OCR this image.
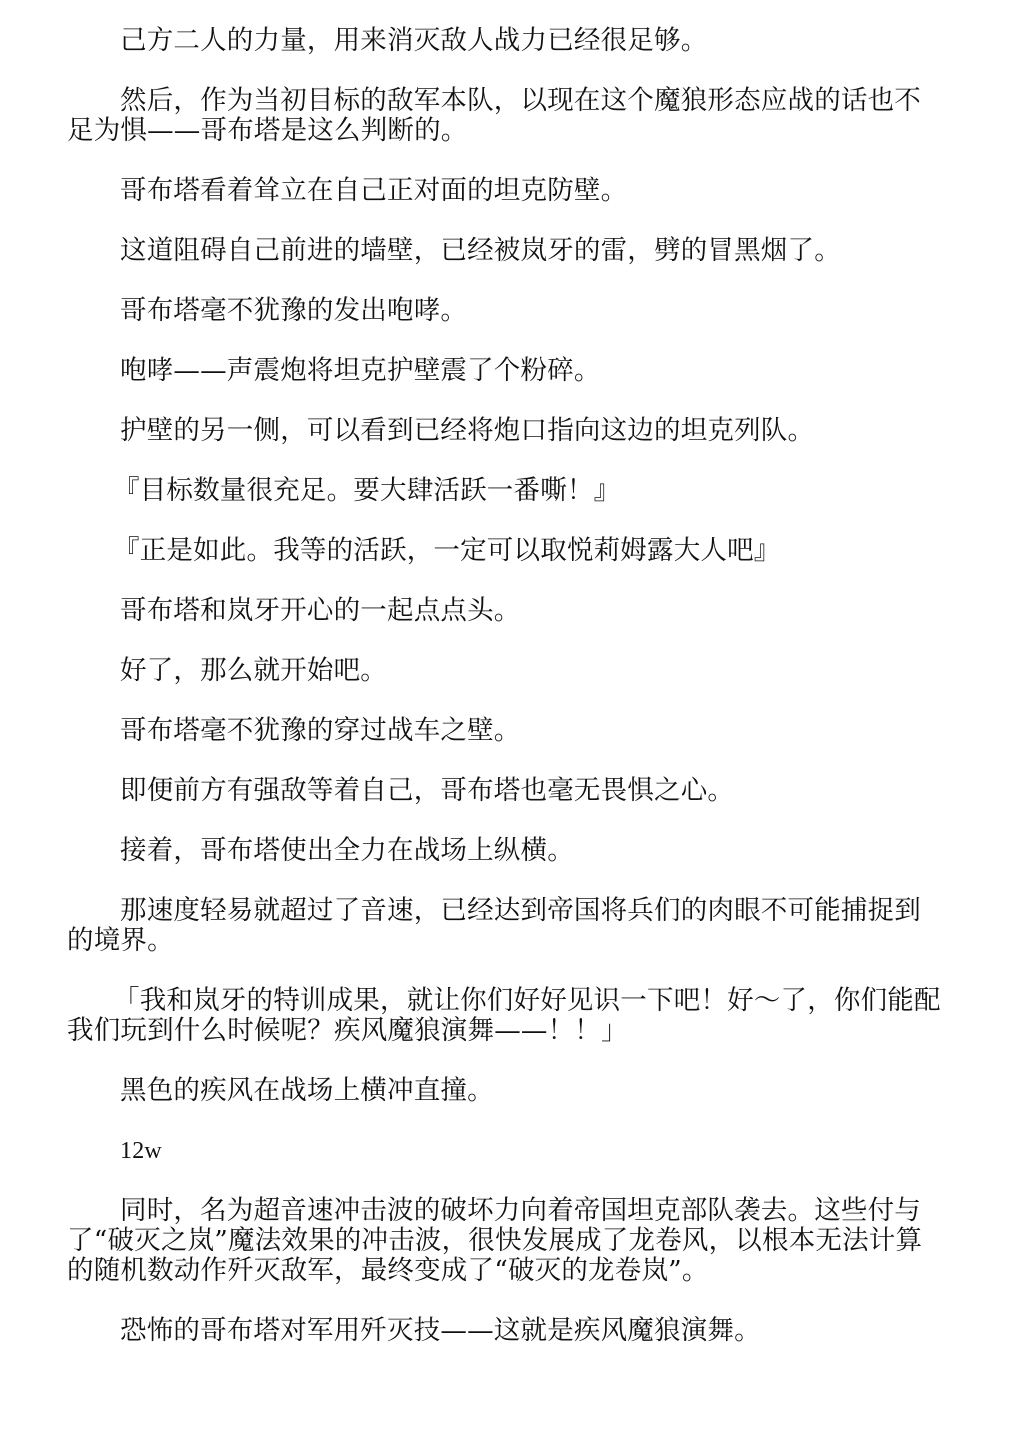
己方二人的力量，用来消灭敌人战力已经很足够。

然后，作为当初目标的敌军本队，以现在这个魔狼形态应战的话也不足为惧——哥布塔是这么判断的。

哥布塔看着耸立在自己正对面的坦克防壁。

这道阻碍自己前进的墙壁，已经被岚牙的雷，劈的冒黑烟了。

哥布塔毫不犹豫的发出咆哮。

咆哮——声震炮将坦克护壁震了个粉碎。

护壁的另一侧，可以看到已经将炮口指向这边的坦克列队。

『目标数量很充足。要大肆活跃一番嘶！』

『正是如此。我等的活跃，一定可以取悦莉姆露大人吧』

哥布塔和岚牙开心的一起点点头。

好了，那么就开始吧。

哥布塔毫不犹豫的穿过战车之壁。

即便前方有强敌等着自己，哥布塔也毫无畏惧之心。

接着，哥布塔使出全力在战场上纵横。

那速度轻易就超过了音速，已经达到帝国将兵们的肉眼不可能捕捉到的境界。

「我和岚牙的特训成果，就让你们好好见识一下吧！好～了，你们能配我们玩到什么时候呢？疾风魔狼演舞——！！」

黑色的疾风在战场上横冲直撞。

12w

同时，名为超音速冲击波的破坏力向着帝国坦克部队袭去。这些付与了“破灭之岚”魔法效果的冲击波，很快发展成了龙卷风，以根本无法计算的随机数动作歼灭敌军，最终变成了“破灭的龙卷岚”。

恐怖的哥布塔对军用歼灭技——这就是疾风魔狼演舞。
